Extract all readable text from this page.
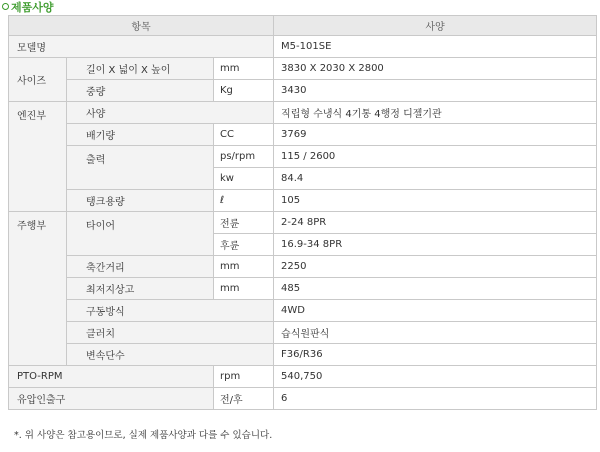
제품사양
항목			사양
모델명			M5-101SE
사이즈	길이 X 넓이 X 높이	mm	3830 X 2030 X 2800
	중량	Kg	3430
엔진부	사양		직립형 수냉식 4기통 4행정 디젤기관
	배기량	CC	3769
	출력	ps/rpm	115 / 2600
		kw	84.4
	탱크용량	ℓ	105
주행부	타이어	전륜	2-24 8PR
		후륜	16.9-34 8PR
	축간거리	mm	2250
	최저지상고	mm	485
	구동방식		4WD
	클러치		습식원판식
	변속단수		F36/R36
PTO-RPM		rpm	540,750
유압인출구		전/후	6
*. 위 사양은 참고용이므로, 실제 제품사양과 다를 수 있습니다.
